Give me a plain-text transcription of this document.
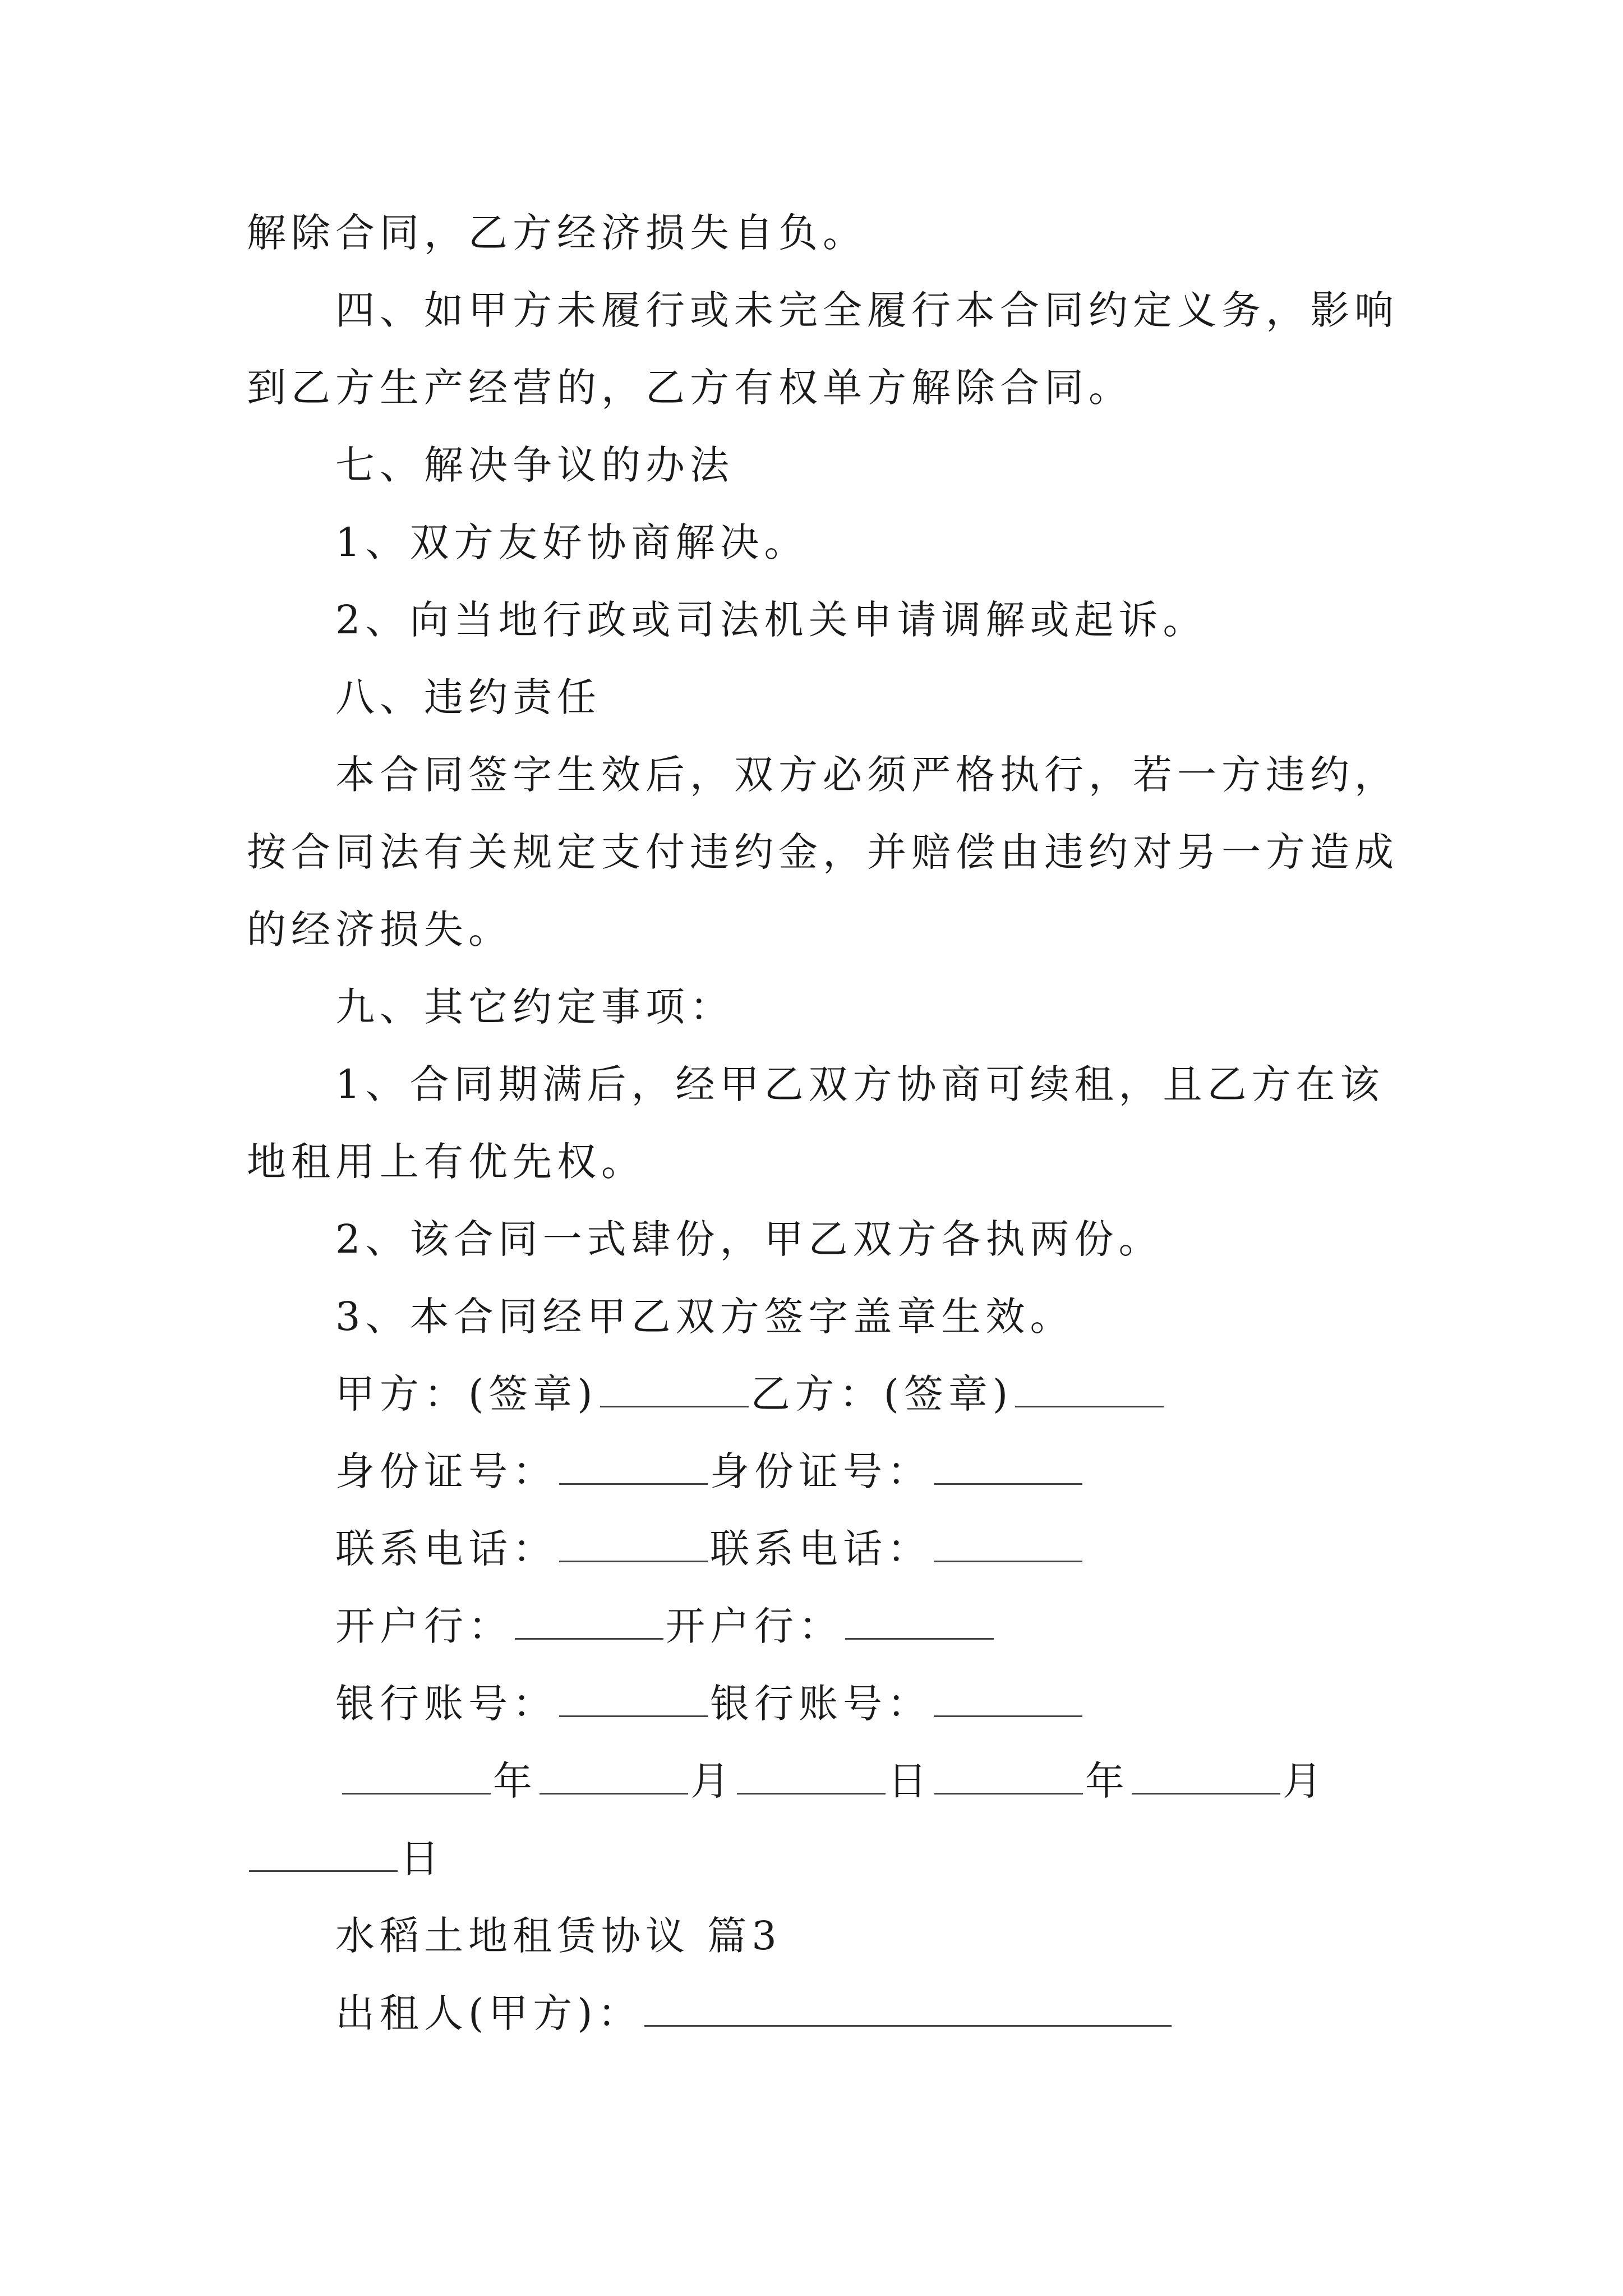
解除合同，乙方经济损失自负。
四、如甲方未履行或未完全履行本合同约定义务，影响
到乙方生产经营的，乙方有权单方解除合同。
七、解决争议的办法
1、双方友好协商解决。
2、向当地行政或司法机关申请调解或起诉。
八、违约责任
本合同签字生效后，双方必须严格执行，若一方违约，
按合同法有关规定支付违约金，并赔偿由违约对另一方造成
的经济损失。
九、其它约定事项：
1、合同期满后，经甲乙双方协商可续租，且乙方在该
地租用上有优先权。
2、该合同一式肆份，甲乙双方各执两份。
3、本合同经甲乙双方签字盖章生效。
甲方：(签章)	乙方：(签章)
身份证号：	身份证号：
联系电话：	联系电话：
开户行：	开户行：
银行账号：	银行账号：
年	月	日	年	月
日
水稻土地租赁协议 篇3
出租人(甲方)：
